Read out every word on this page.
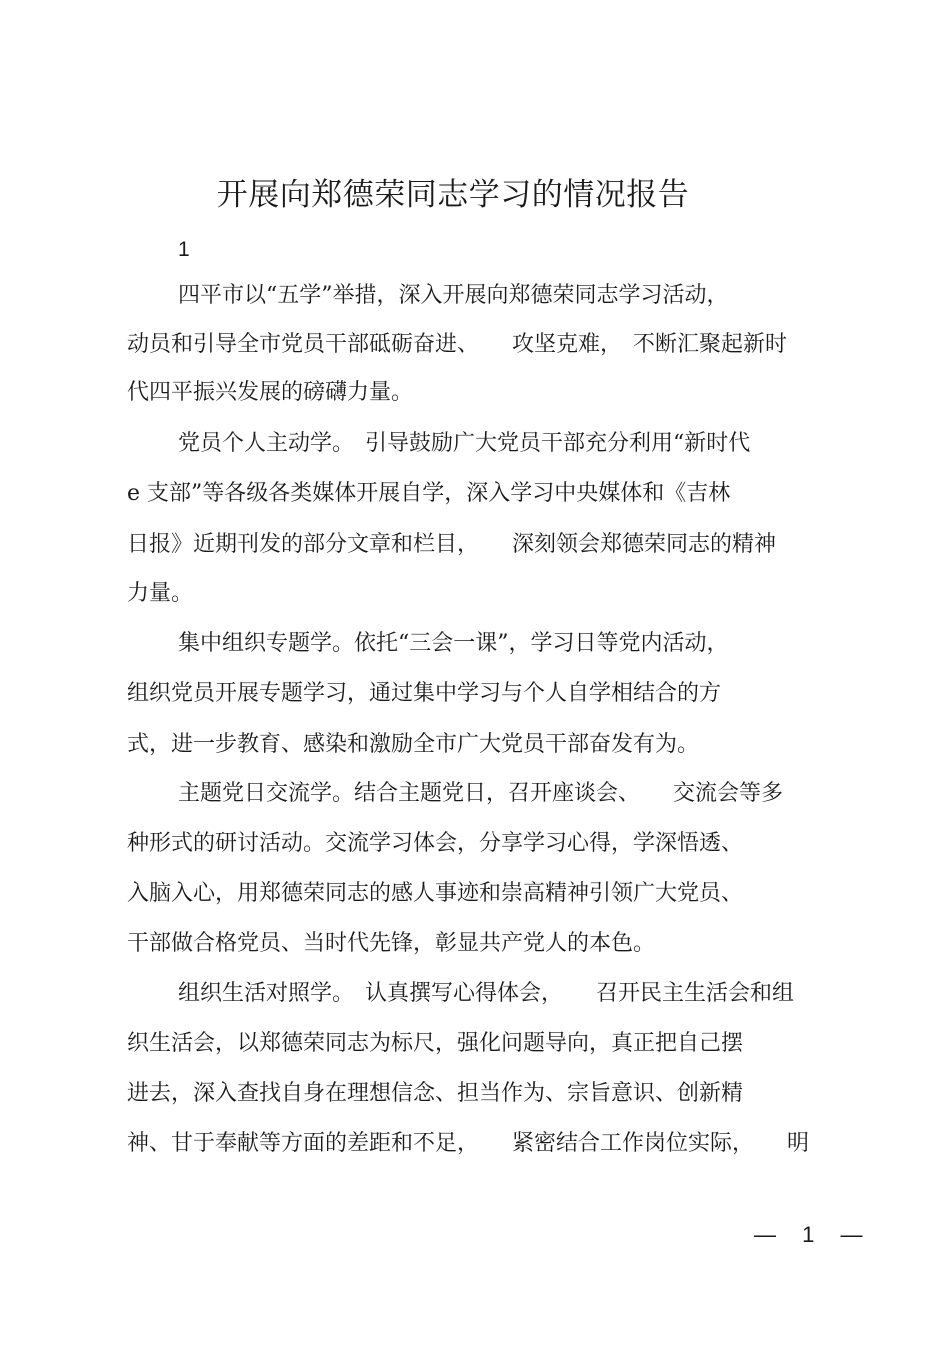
开展向郑德荣同志学习的情况报告
1
四平市以“五学”举措，深入开展向郑德荣同志学习活动，
动员和引导全市党员干部砥砺奋进、　　攻坚克难，　不断汇聚起新时
代四平振兴发展的磅礴力量。
党员个人主动学。　引导鼓励广大党员干部充分利用“新时代
e 支部”等各级各类媒体开展自学，深入学习中央媒体和《吉林
日报》近期刊发的部分文章和栏目，　　深刻领会郑德荣同志的精神
力量。
集中组织专题学。依托“三会一课”，学习日等党内活动，
组织党员开展专题学习，通过集中学习与个人自学相结合的方
式，进一步教育、感染和激励全市广大党员干部奋发有为。
主题党日交流学。结合主题党日，召开座谈会、　　交流会等多
种形式的研讨活动。交流学习体会，分享学习心得，学深悟透、
入脑入心，用郑德荣同志的感人事迹和崇高精神引领广大党员、
干部做合格党员、当时代先锋，彰显共产党人的本色。
组织生活对照学。　认真撰写心得体会，　　召开民主生活会和组
织生活会，以郑德荣同志为标尺，强化问题导向，真正把自己摆
进去，深入查找自身在理想信念、担当作为、宗旨意识、创新精
神、甘于奉献等方面的差距和不足，　　紧密结合工作岗位实际，　　明
— 1 —
